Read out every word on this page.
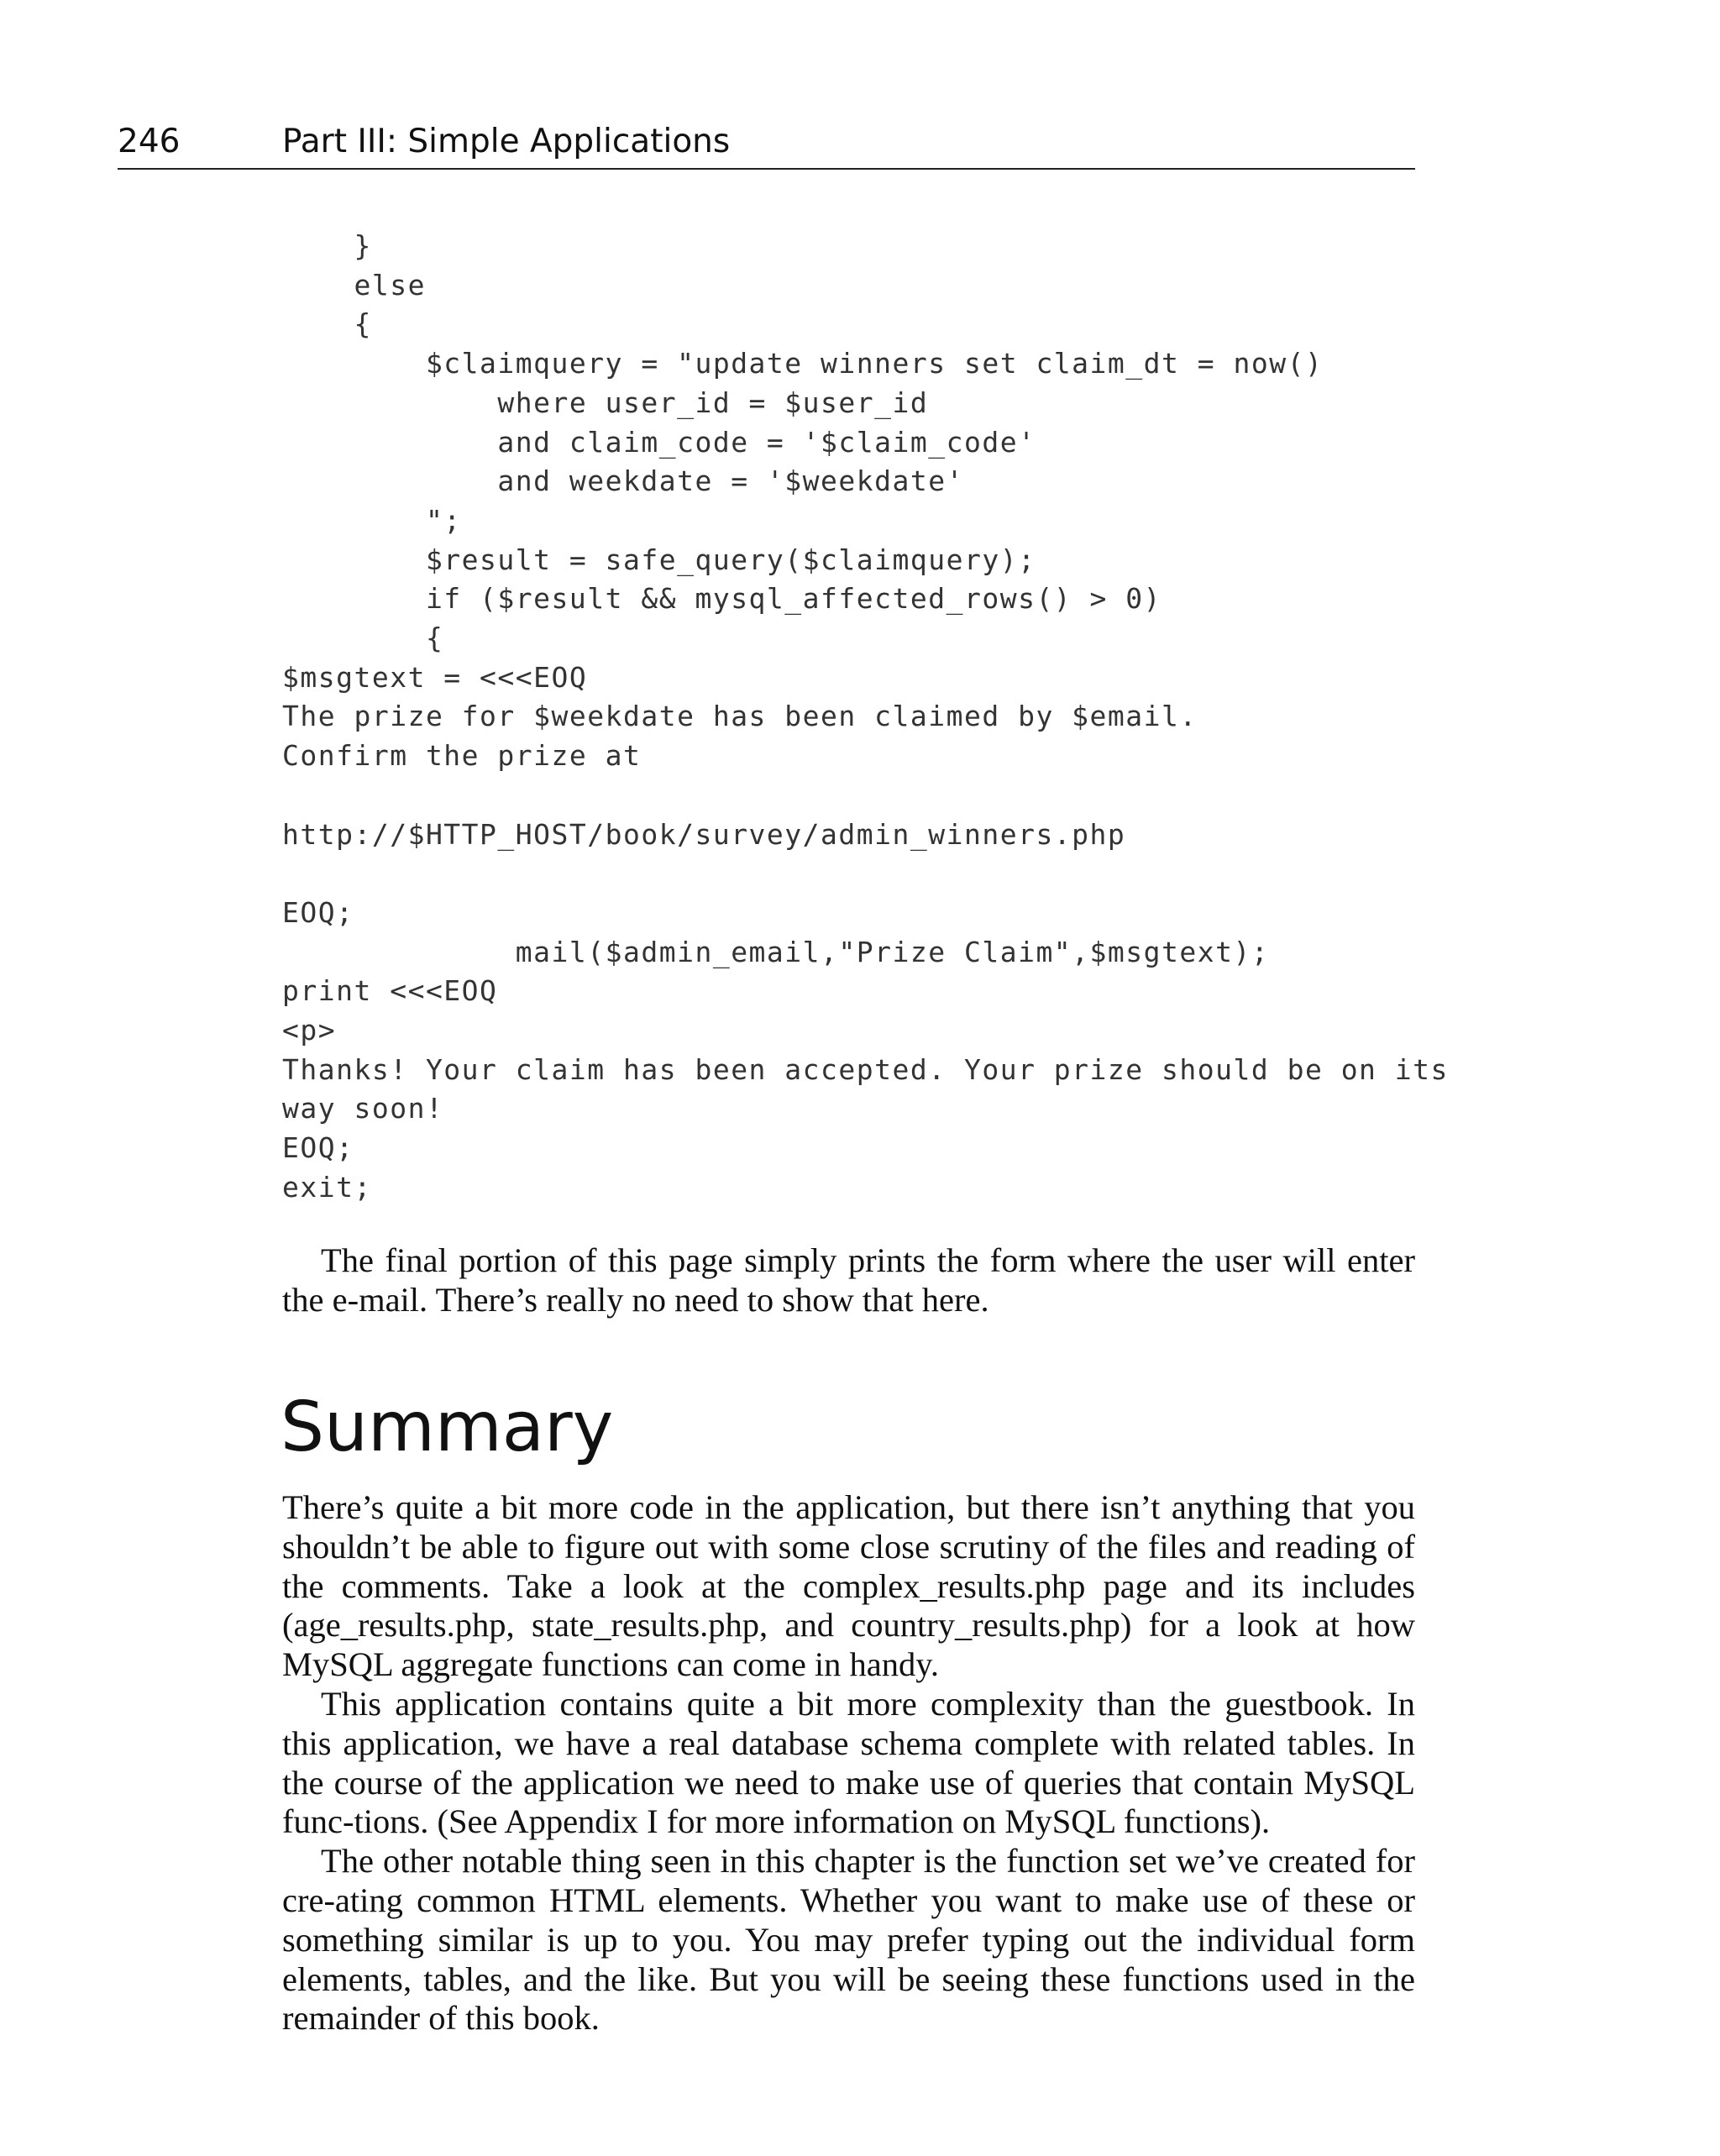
246	Part III: Simple Applications
}
else
{
$claimquery = "update winners set claim_dt = now()
where user_id = $user_id
and claim_code = '$claim_code'
and weekdate = '$weekdate'
";
$result = safe_query($claimquery);
if ($result && mysql_affected_rows() > 0)
{
$msgtext = <<<EOQ
The prize for $weekdate has been claimed by $email.
Confirm the prize at

http://$HTTP_HOST/book/survey/admin_winners.php

EOQ;
mail($admin_email,"Prize Claim",$msgtext);
print <<<EOQ
<p>
Thanks! Your claim has been accepted. Your prize should be on its
way soon!
EOQ;
exit;

The final portion of this page simply prints the form where the user will enter the e-mail. There’s really no need to show that here.

Summary

There’s quite a bit more code in the application, but there isn’t anything that you shouldn’t be able to figure out with some close scrutiny of the files and reading of the comments. Take a look at the complex_results.php page and its includes (age_results.php, state_results.php, and country_results.php) for a look at how MySQL aggregate functions can come in handy.

This application contains quite a bit more complexity than the guestbook. In this application, we have a real database schema complete with related tables. In the course of the application we need to make use of queries that contain MySQL func-tions. (See Appendix I for more information on MySQL functions).

The other notable thing seen in this chapter is the function set we’ve created for cre-ating common HTML elements. Whether you want to make use of these or something similar is up to you. You may prefer typing out the individual form elements, tables, and the like. But you will be seeing these functions used in the remainder of this book.
